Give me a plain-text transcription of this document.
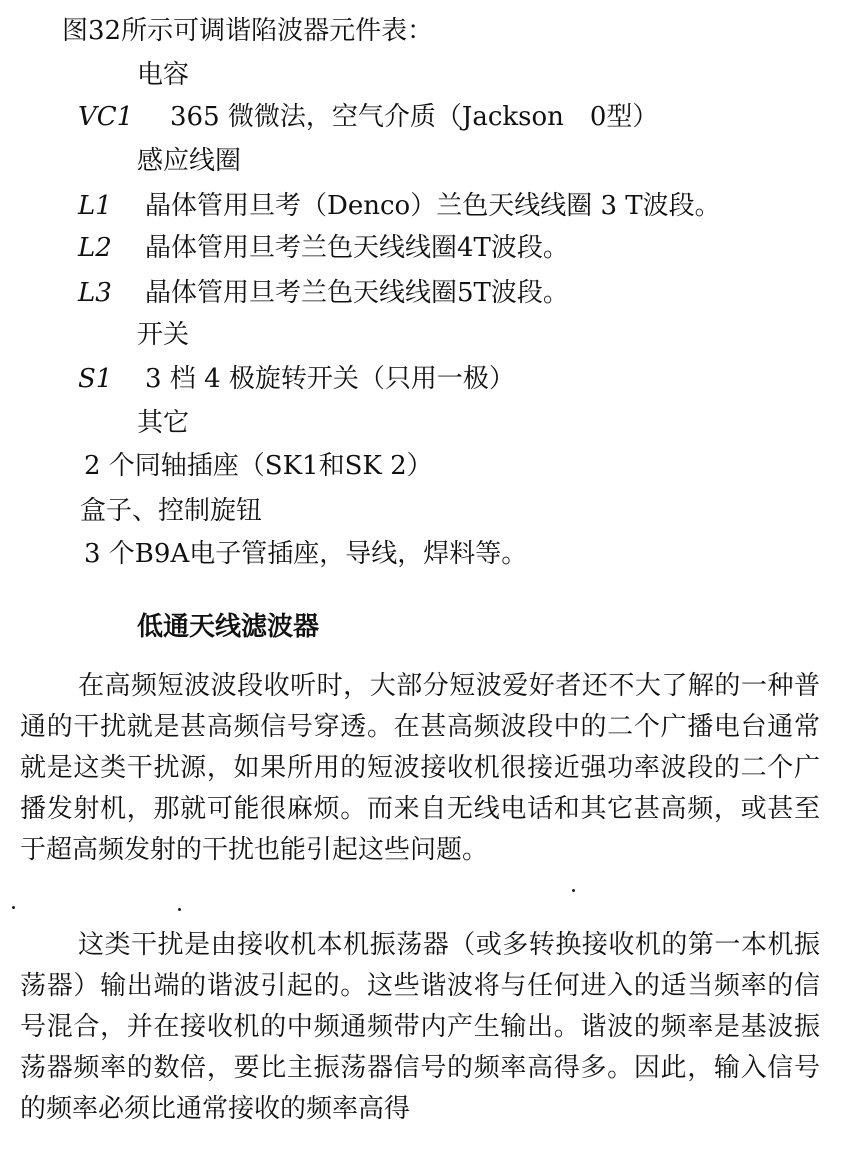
图32所示可调谐陷波器元件表：
电容
VC1 365 微微法，空气介质（Jackson　0型）
感应线圈
L1 晶体管用旦考（Denco）兰色天线线圈 3 T波段。
L2 晶体管用旦考兰色天线线圈4T波段。
L3 晶体管用旦考兰色天线线圈5T波段。
开关
S1 3 档 4 极旋转开关（只用一极）
其它
2 个同轴插座（SK1和SK 2）
盒子、控制旋钮
3 个B9A电子管插座，导线，焊料等。
低通天线滤波器
在高频短波波段收听时，大部分短波爱好者还不大了解的一种普通的干扰就是甚高频信号穿透。在甚高频波段中的二个广播电台通常就是这类干扰源，如果所用的短波接收机很接近强功率波段的二个广播发射机，那就可能很麻烦。而来自无线电话和其它甚高频，或甚至于超高频发射的干扰也能引起这些问题。
这类干扰是由接收机本机振荡器（或多转换接收机的第一本机振荡器）输出端的谐波引起的。这些谐波将与任何进入的适当频率的信号混合，并在接收机的中频通频带内产生输出。谐波的频率是基波振荡器频率的数倍，要比主振荡器信号的频率高得多。因此，输入信号的频率必须比通常接收的频率高得
